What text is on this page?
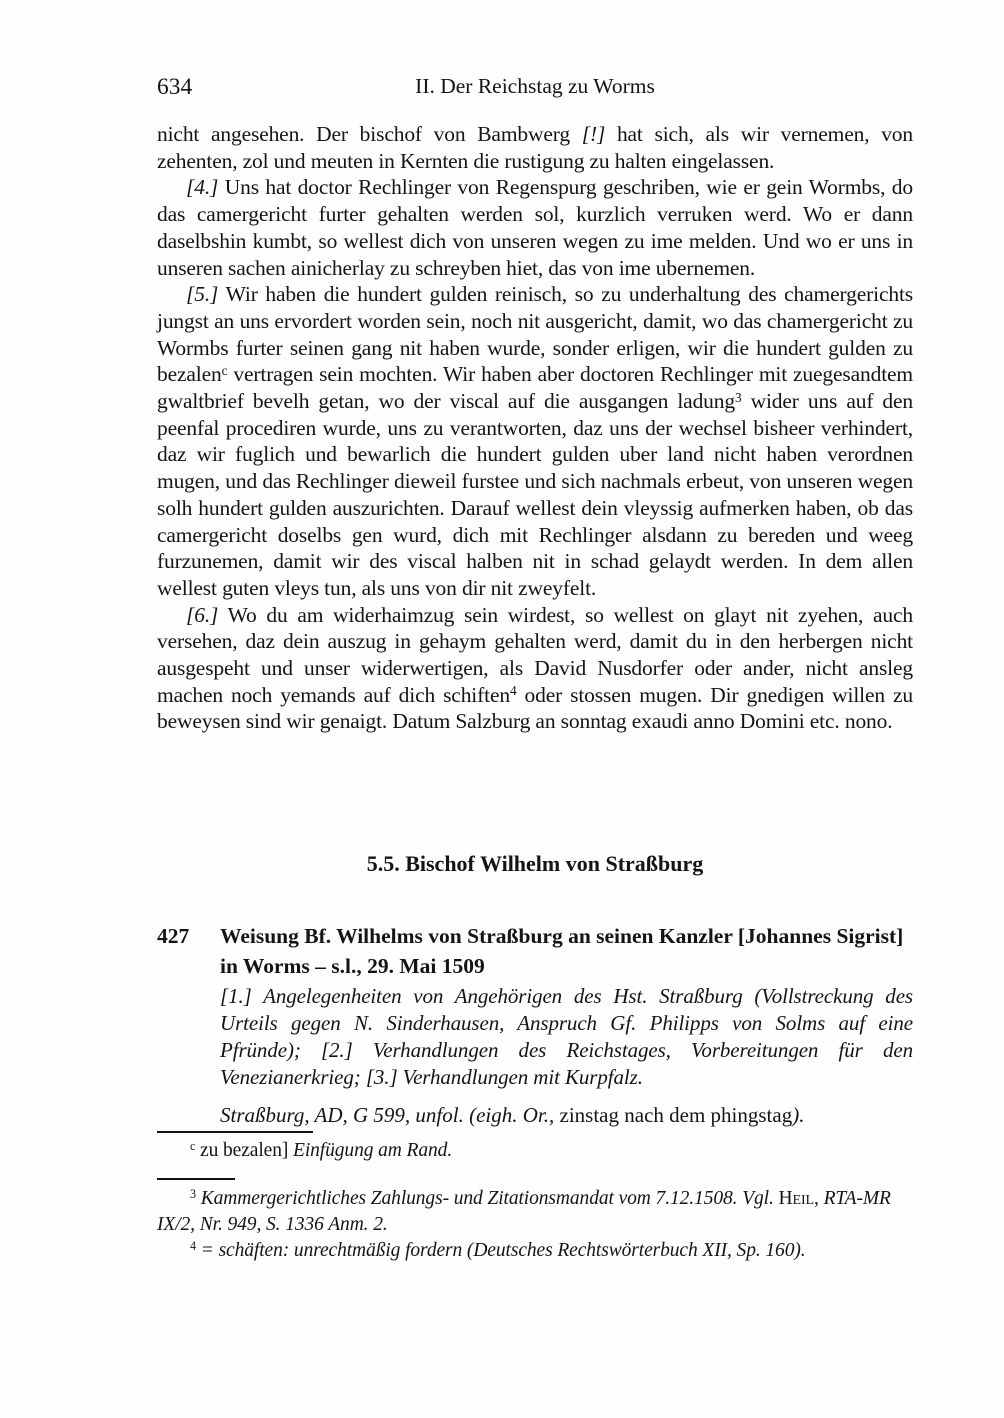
634	II. Der Reichstag zu Worms

nicht angesehen. Der bischof von Bambwerg [!] hat sich, als wir vernemen, von zehenten, zol und meuten in Kernten die rustigung zu halten eingelassen.

[4.] Uns hat doctor Rechlinger von Regenspurg geschriben, wie er gein Wormbs, do das camergericht furter gehalten werden sol, kurzlich verruken werd. Wo er dann daselbshin kumbt, so wellest dich von unseren wegen zu ime melden. Und wo er uns in unseren sachen ainicherlay zu schreyben hiet, das von ime ubernemen.

[5.] Wir haben die hundert gulden reinisch, so zu underhaltung des chamergerichts jungst an uns ervordert worden sein, noch nit ausgericht, damit, wo das chamergericht zu Wormbs furter seinen gang nit haben wurde, sonder erligen, wir die hundert gulden zu bezalen$^c$ vertragen sein mochten. Wir haben aber doctoren Rechlinger mit zuegesandtem gwaltbrief bevelh getan, wo der viscal auf die ausgangen ladung$^3$ wider uns auf den peenfal procediren wurde, uns zu verantworten, daz uns der wechsel bisheer verhindert, daz wir fuglich und bewarlich die hundert gulden uber land nicht haben verordnen mugen, und das Rechlinger dieweil furstee und sich nachmals erbeut, von unseren wegen solh hundert gulden auszurichten. Darauf wellest dein vleyssig aufmerken haben, ob das camergericht doselbs gen wurd, dich mit Rechlinger alsdann zu bereden und weeg furzunemen, damit wir des viscal halben nit in schad gelaydt werden. In dem allen wellest guten vleys tun, als uns von dir nit zweyfelt.

[6.] Wo du am widerhaimzug sein wirdest, so wellest on glayt nit zyehen, auch versehen, daz dein auszug in gehaym gehalten werd, damit du in den herbergen nicht ausgespeht und unser widerwertigen, als David Nusdorfer oder ander, nicht ansleg machen noch yemands auf dich schiften$^4$ oder stossen mugen. Dir gnedigen willen zu beweysen sind wir genaigt. Datum Salzburg an sonntag exaudi anno Domini etc. nono.

5.5. Bischof Wilhelm von Straßburg
427 Weisung Bf. Wilhelms von Straßburg an seinen Kanzler [Johannes Sigrist] in Worms – s.l., 29. Mai 1509

[1.] Angelegenheiten von Angehörigen des Hst. Straßburg (Vollstreckung des Urteils gegen N. Sinderhausen, Anspruch Gf. Philipps von Solms auf eine Pfründe); [2.] Verhandlungen des Reichstages, Vorbereitungen für den Venezianerkrieg; [3.] Verhandlungen mit Kurpfalz.

Straßburg, AD, G 599, unfol. (eigh. Or., zinstag nach dem phingstag).

$^c$ zu bezalen] Einfügung am Rand.

$^3$ Kammergerichtliches Zahlungs- und Zitationsmandat vom 7.12.1508. Vgl. Heil, RTA-MR IX/2, Nr. 949, S. 1336 Anm. 2.

$^4$ = schäften: unrechtmäßig fordern (Deutsches Rechtswörterbuch XII, Sp. 160).
